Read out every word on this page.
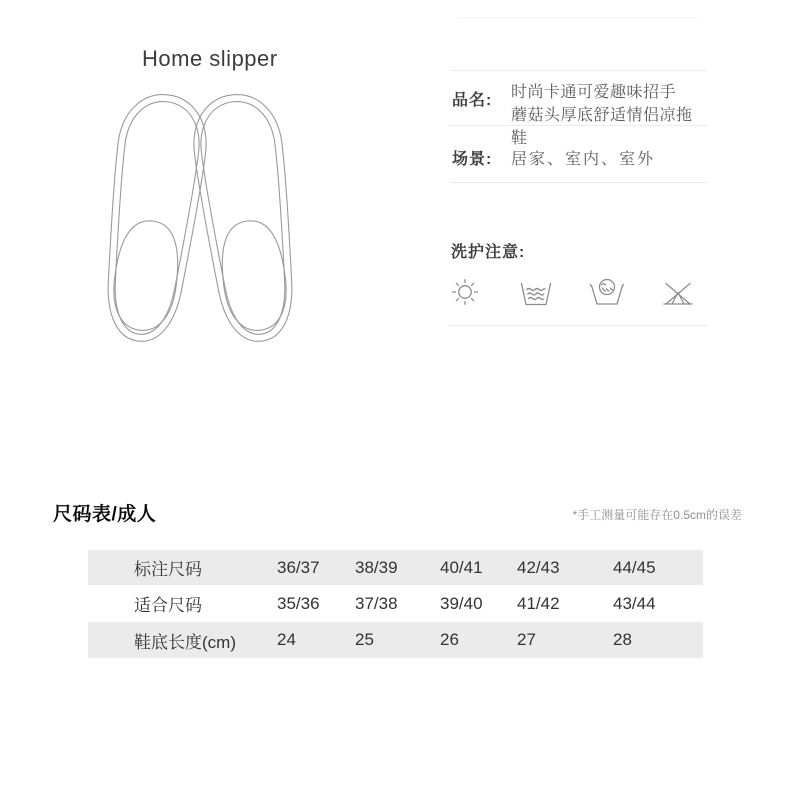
Home slipper
品名: 时尚卡通可爱趣味招手
蘑菇头厚底舒适情侣凉拖鞋
场景: 居家、室内、室外
洗护注意:
尺码表/成人	*手工测量可能存在0.5cm的误差
标注尺码	36/37	38/39	40/41	42/43	44/45
适合尺码	35/36	37/38	39/40	41/42	43/44
鞋底长度(cm)	24	25	26	27	28
